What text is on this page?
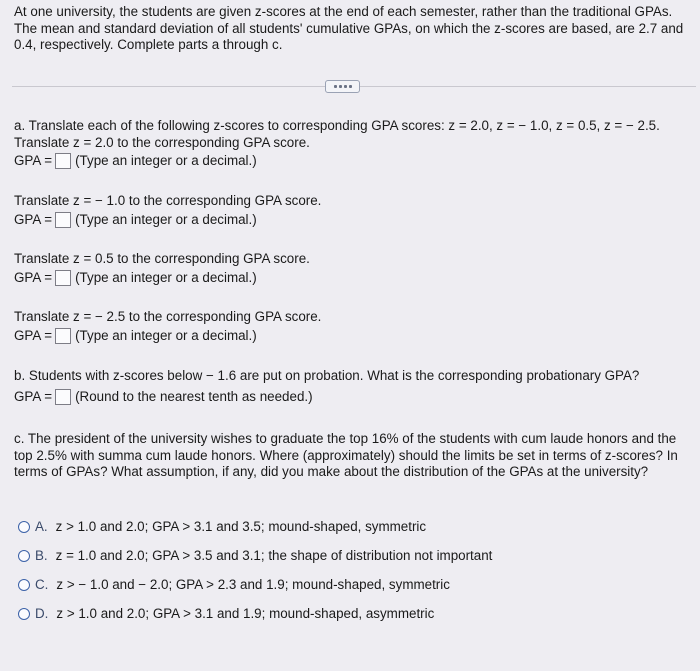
At one university, the students are given z-scores at the end of each semester, rather than the traditional GPAs. The mean and standard deviation of all students' cumulative GPAs, on which the z-scores are based, are 2.7 and 0.4, respectively. Complete parts a through c.
a. Translate each of the following z-scores to corresponding GPA scores: z = 2.0, z = − 1.0, z = 0.5, z = − 2.5.
Translate z = 2.0 to the corresponding GPA score.
GPA = (Type an integer or a decimal.)
Translate z = − 1.0 to the corresponding GPA score.
GPA = (Type an integer or a decimal.)
Translate z = 0.5 to the corresponding GPA score.
GPA = (Type an integer or a decimal.)
Translate z = − 2.5 to the corresponding GPA score.
GPA = (Type an integer or a decimal.)
b. Students with z-scores below − 1.6 are put on probation. What is the corresponding probationary GPA?
GPA = (Round to the nearest tenth as needed.)
c. The president of the university wishes to graduate the top 16% of the students with cum laude honors and the top 2.5% with summa cum laude honors. Where (approximately) should the limits be set in terms of z-scores? In terms of GPAs? What assumption, if any, did you make about the distribution of the GPAs at the university?
A. z > 1.0 and 2.0; GPA > 3.1 and 3.5; mound-shaped, symmetric
B. z = 1.0 and 2.0; GPA > 3.5 and 3.1; the shape of distribution not important
C. z > − 1.0 and − 2.0; GPA > 2.3 and 1.9; mound-shaped, symmetric
D. z > 1.0 and 2.0; GPA > 3.1 and 1.9; mound-shaped, asymmetric
